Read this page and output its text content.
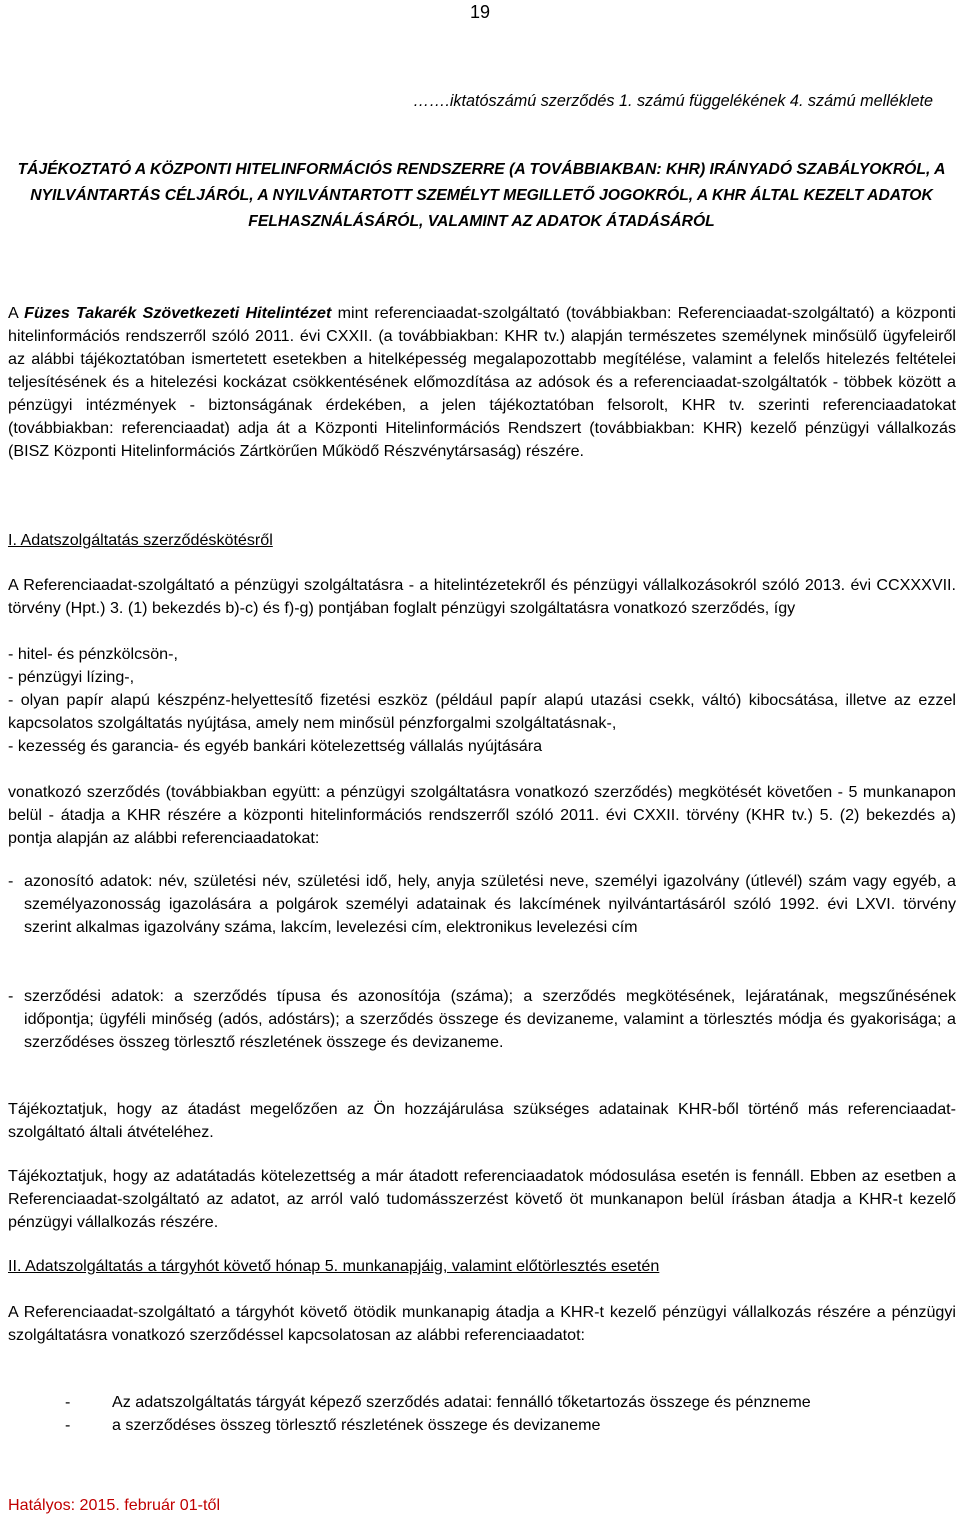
19
…….iktatószámú szerződés 1. számú függelékének 4. számú melléklete
TÁJÉKOZTATÓ A KÖZPONTI HITELINFORMÁCIÓS RENDSZERRE (A TOVÁBBIAKBAN: KHR) IRÁNYADÓ SZABÁLYOKRÓL, A NYILVÁNTARTÁS CÉLJÁRÓL, A NYILVÁNTARTOTT SZEMÉLYT MEGILLETŐ JOGOKRÓL, A KHR ÁLTAL KEZELT ADATOK FELHASZNÁLÁSÁRÓL, VALAMINT AZ ADATOK ÁTADÁSÁRÓL

A Füzes Takarék Szövetkezeti Hitelintézet mint referenciaadat-szolgáltató (továbbiakban: Referenciaadat-szolgáltató) a központi hitelinformációs rendszerről szóló 2011. évi CXXII. (a továbbiakban: KHR tv.) alapján természetes személynek minősülő ügyfeleiről az alábbi tájékoztatóban ismertetett esetekben a hitelképesség megalapozottabb megítélése, valamint a felelős hitelezés feltételei teljesítésének és a hitelezési kockázat csökkentésének előmozdítása az adósok és a referenciaadat-szolgáltatók - többek között a pénzügyi intézmények - biztonságának érdekében, a jelen tájékoztatóban felsorolt, KHR tv. szerinti referenciaadatokat (továbbiakban: referenciaadat) adja át a Központi Hitelinformációs Rendszert (továbbiakban: KHR) kezelő pénzügyi vállalkozás (BISZ Központi Hitelinformációs Zártkörűen Működő Részvénytársaság) részére.

I. Adatszolgáltatás szerződéskötésről

A Referenciaadat-szolgáltató a pénzügyi szolgáltatásra - a hitelintézetekről és pénzügyi vállalkozásokról szóló 2013. évi CCXXXVII. törvény (Hpt.) 3. (1) bekezdés b)-c) és f)-g) pontjában foglalt pénzügyi szolgáltatásra vonatkozó szerződés, így

- hitel- és pénzkölcsön-,
- pénzügyi lízing-,
- olyan papír alapú készpénz-helyettesítő fizetési eszköz (például papír alapú utazási csekk, váltó) kibocsátása, illetve az ezzel kapcsolatos szolgáltatás nyújtása, amely nem minősül pénzforgalmi szolgáltatásnak-,
- kezesség és garancia- és egyéb bankári kötelezettség vállalás nyújtására

vonatkozó szerződés (továbbiakban együtt: a pénzügyi szolgáltatásra vonatkozó szerződés) megkötését követően - 5 munkanapon belül - átadja a KHR részére a központi hitelinformációs rendszerről szóló 2011. évi CXXII. törvény (KHR tv.) 5. (2) bekezdés a) pontja alapján az alábbi referenciaadatokat:

- azonosító adatok: név, születési név, születési idő, hely, anyja születési neve, személyi igazolvány (útlevél) szám vagy egyéb, a személyazonosság igazolására a polgárok személyi adatainak és lakcímének nyilvántartásáról szóló 1992. évi LXVI. törvény szerint alkalmas igazolvány száma, lakcím, levelezési cím, elektronikus levelezési cím
- szerződési adatok: a szerződés típusa és azonosítója (száma); a szerződés megkötésének, lejáratának, megszűnésének időpontja; ügyféli minőség (adós, adóstárs); a szerződés összege és devizaneme, valamint a törlesztés módja és gyakorisága; a szerződéses összeg törlesztő részletének összege és devizaneme.

Tájékoztatjuk, hogy az átadást megelőzően az Ön hozzájárulása szükséges adatainak KHR-ből történő más referenciaadat-szolgáltató általi átvételéhez.

Tájékoztatjuk, hogy az adatátadás kötelezettség a már átadott referenciaadatok módosulása esetén is fennáll. Ebben az esetben a Referenciaadat-szolgáltató az adatot, az arról való tudomásszerzést követő öt munkanapon belül írásban átadja a KHR-t kezelő pénzügyi vállalkozás részére.

II. Adatszolgáltatás a tárgyhót követő hónap 5. munkanapjáig, valamint előtörlesztés esetén

A Referenciaadat-szolgáltató a tárgyhót követő ötödik munkanapig átadja a KHR-t kezelő pénzügyi vállalkozás részére a pénzügyi szolgáltatásra vonatkozó szerződéssel kapcsolatosan az alábbi referenciaadatot:

-	Az adatszolgáltatás tárgyát képező szerződés adatai: fennálló tőketartozás összege és pénzneme
-	a szerződéses összeg törlesztő részletének összege és devizaneme
Hatályos: 2015. február 01-től
